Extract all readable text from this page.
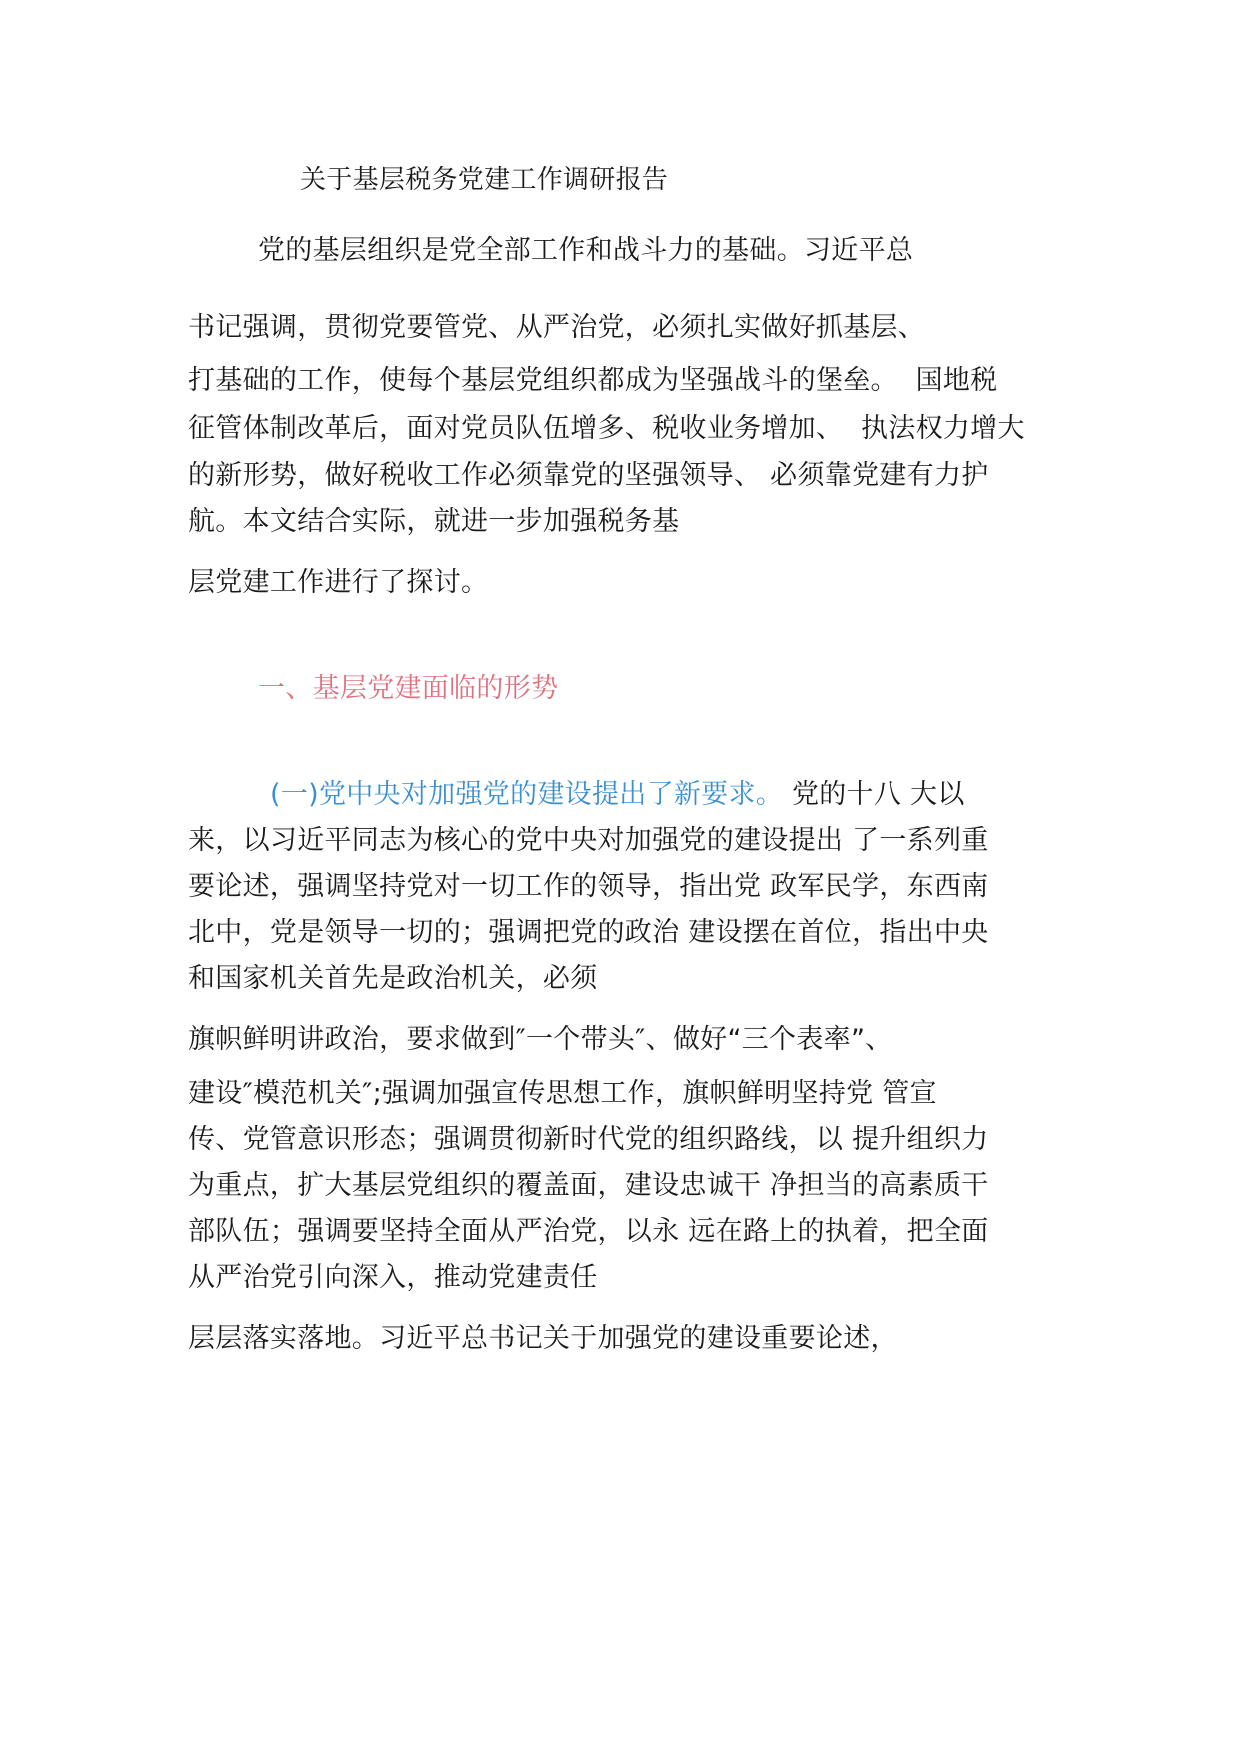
关于基层税务党建工作调研报告
党的基层组织是党全部工作和战斗力的基础。习近平总
书记强调，贯彻党要管党、从严治党，必须扎实做好抓基层、
打基础的工作，使每个基层党组织都成为坚强战斗的堡垒。  国地税
征管体制改革后，面对党员队伍增多、税收业务增加、  执法权力增大
的新形势，做好税收工作必须靠党的坚强领导、 必须靠党建有力护
航。本文结合实际，就进一步加强税务基
层党建工作进行了探讨。
一、基层党建面临的形势
(一)党中央对加强党的建设提出了新要求。 党的十八 大以
来，以习近平同志为核心的党中央对加强党的建设提出 了一系列重
要论述，强调坚持党对一切工作的领导，指出党 政军民学，东西南
北中，党是领导一切的；强调把党的政治 建设摆在首位，指出中央
和国家机关首先是政治机关，必须
旗帜鲜明讲政治，要求做到″一个带头″、做好“三个表率”、
建设″模范机关″;强调加强宣传思想工作，旗帜鲜明坚持党 管宣
传、党管意识形态；强调贯彻新时代党的组织路线，以 提升组织力
为重点，扩大基层党组织的覆盖面，建设忠诚干 净担当的高素质干
部队伍；强调要坚持全面从严治党，以永 远在路上的执着，把全面
从严治党引向深入，推动党建责任
层层落实落地。习近平总书记关于加强党的建设重要论述，
